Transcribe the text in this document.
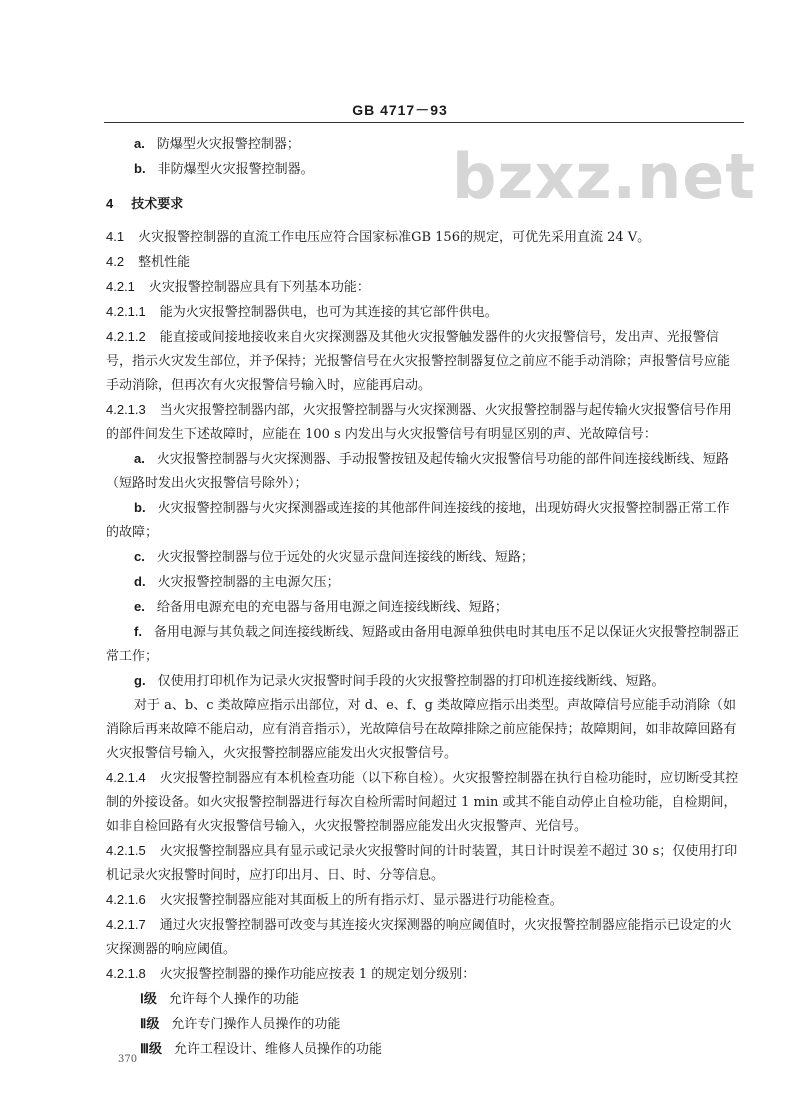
GB 4717－93
bzxz.net

a. 防爆型火灾报警控制器；

b. 非防爆型火灾报警控制器。

4 技术要求

4.1 火灾报警控制器的直流工作电压应符合国家标准GB 156的规定，可优先采用直流 24 V。

4.2 整机性能

4.2.1 火灾报警控制器应具有下列基本功能：

4.2.1.1 能为火灾报警控制器供电，也可为其连接的其它部件供电。

4.2.1.2 能直接或间接地接收来自火灾探测器及其他火灾报警触发器件的火灾报警信号，发出声、光报警信号，指示火灾发生部位，并予保持；光报警信号在火灾报警控制器复位之前应不能手动消除；声报警信号应能手动消除，但再次有火灾报警信号输入时，应能再启动。

4.2.1.3 当火灾报警控制器内部，火灾报警控制器与火灾探测器、火灾报警控制器与起传输火灾报警信号作用的部件间发生下述故障时，应能在 100 s 内发出与火灾报警信号有明显区别的声、光故障信号：

a. 火灾报警控制器与火灾探测器、手动报警按钮及起传输火灾报警信号功能的部件间连接线断线、短路（短路时发出火灾报警信号除外）；

b. 火灾报警控制器与火灾探测器或连接的其他部件间连接线的接地，出现妨碍火灾报警控制器正常工作的故障；

c. 火灾报警控制器与位于远处的火灾显示盘间连接线的断线、短路；

d. 火灾报警控制器的主电源欠压；

e. 给备用电源充电的充电器与备用电源之间连接线断线、短路；

f. 备用电源与其负载之间连接线断线、短路或由备用电源单独供电时其电压不足以保证火灾报警控制器正常工作；

g. 仅使用打印机作为记录火灾报警时间手段的火灾报警控制器的打印机连接线断线、短路。

对于 a、b、c 类故障应指示出部位，对 d、e、f、g 类故障应指示出类型。声故障信号应能手动消除（如消除后再来故障不能启动，应有消音指示），光故障信号在故障排除之前应能保持；故障期间，如非故障回路有火灾报警信号输入，火灾报警控制器应能发出火灾报警信号。

4.2.1.4 火灾报警控制器应有本机检查功能（以下称自检）。火灾报警控制器在执行自检功能时，应切断受其控制的外接设备。如火灾报警控制器进行每次自检所需时间超过 1 min 或其不能自动停止自检功能，自检期间，如非自检回路有火灾报警信号输入，火灾报警控制器应能发出火灾报警声、光信号。

4.2.1.5 火灾报警控制器应具有显示或记录火灾报警时间的计时装置，其日计时误差不超过 30 s；仅使用打印机记录火灾报警时间时，应打印出月、日、时、分等信息。

4.2.1.6 火灾报警控制器应能对其面板上的所有指示灯、显示器进行功能检查。

4.2.1.7 通过火灾报警控制器可改变与其连接火灾探测器的响应阈值时，火灾报警控制器应能指示已设定的火灾探测器的响应阈值。

4.2.1.8 火灾报警控制器的操作功能应按表 1 的规定划分级别：

Ⅰ级 允许每个人操作的功能

Ⅱ级 允许专门操作人员操作的功能

Ⅲ级 允许工程设计、维修人员操作的功能

370
